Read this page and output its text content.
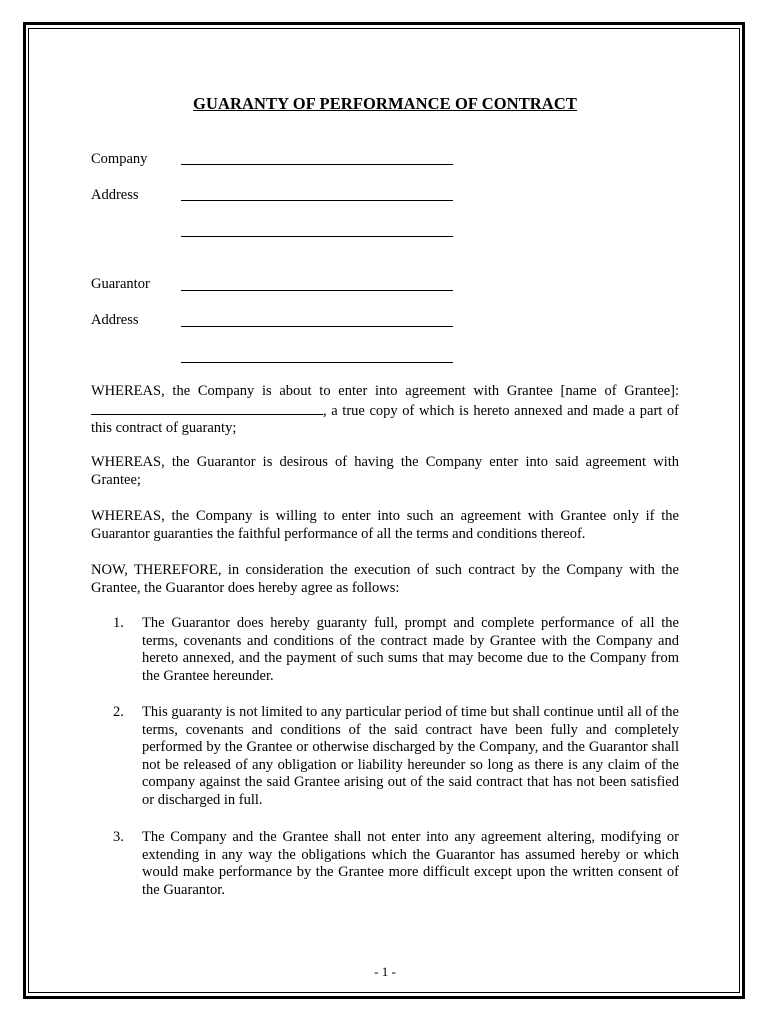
GUARANTY OF PERFORMANCE OF CONTRACT
Company
Address
Guarantor
Address
WHEREAS, the Company is about to enter into agreement with Grantee [name of Grantee]: , a true copy of which is hereto annexed and made a part of this contract of guaranty;
WHEREAS, the Guarantor is desirous of having the Company enter into said agreement with Grantee;
WHEREAS, the Company is willing to enter into such an agreement with Grantee only if the Guarantor guaranties the faithful performance of all the terms and conditions thereof.
NOW, THEREFORE, in consideration the execution of such contract by the Company with the Grantee, the Guarantor does hereby agree as follows:
1. The Guarantor does hereby guaranty full, prompt and complete performance of all the terms, covenants and conditions of the contract made by Grantee with the Company and hereto annexed, and the payment of such sums that may become due to the Company from the Grantee hereunder.
2. This guaranty is not limited to any particular period of time but shall continue until all of the terms, covenants and conditions of the said contract have been fully and completely performed by the Grantee or otherwise discharged by the Company, and the Guarantor shall not be released of any obligation or liability hereunder so long as there is any claim of the company against the said Grantee arising out of the said contract that has not been satisfied or discharged in full.
3. The Company and the Grantee shall not enter into any agreement altering, modifying or extending in any way the obligations which the Guarantor has assumed hereby or which would make performance by the Grantee more difficult except upon the written consent of the Guarantor.
- 1 -
